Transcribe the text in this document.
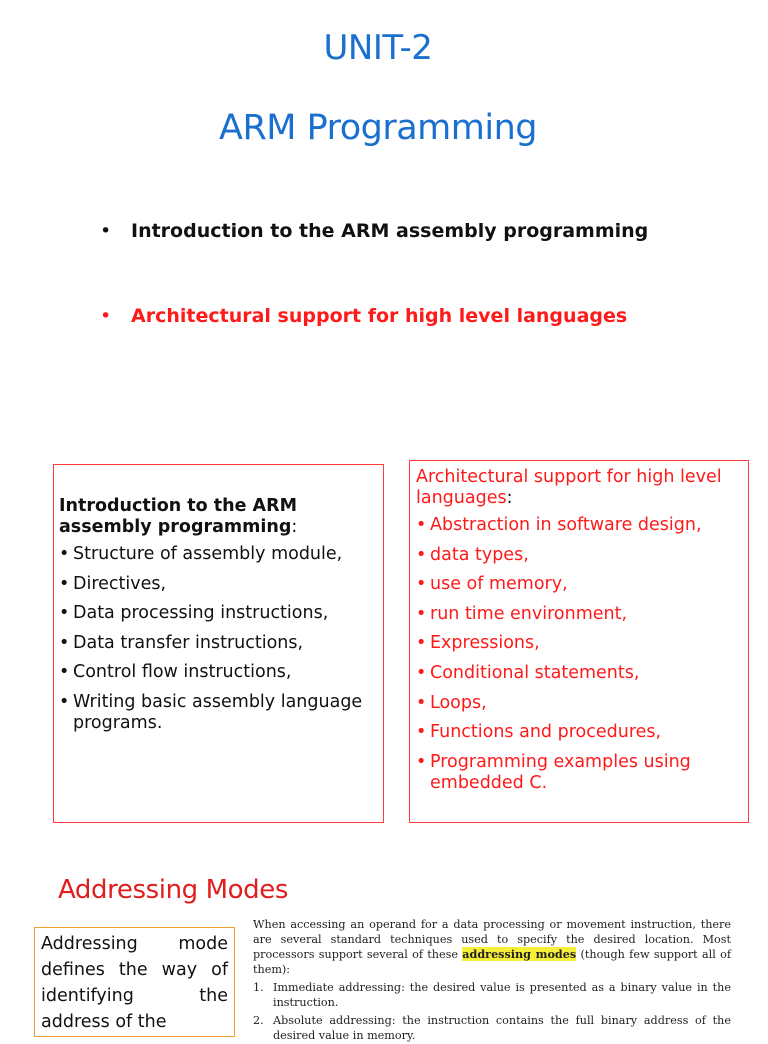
UNIT-2
ARM Programming
•	Introduction to the ARM assembly programming
•	Architectural support for high level languages
Introduction to the ARM assembly programming:
• Structure of assembly module,
• Directives,
• Data processing instructions,
• Data transfer instructions,
• Control flow instructions,
• Writing basic assembly language programs.
Architectural support for high level languages:
• Abstraction in software design,
• data types,
• use of memory,
• run time environment,
• Expressions,
• Conditional statements,
• Loops,
• Functions and procedures,
• Programming examples using embedded C.
Addressing Modes
Addressing mode defines the way of identifying the address of the
When accessing an operand for a data processing or movement instruction, there are several standard techniques used to specify the desired location. Most processors support several of these addressing modes (though few support all of them):
1. Immediate addressing: the desired value is presented as a binary value in the instruction.
2. Absolute addressing: the instruction contains the full binary address of the desired value in memory.
